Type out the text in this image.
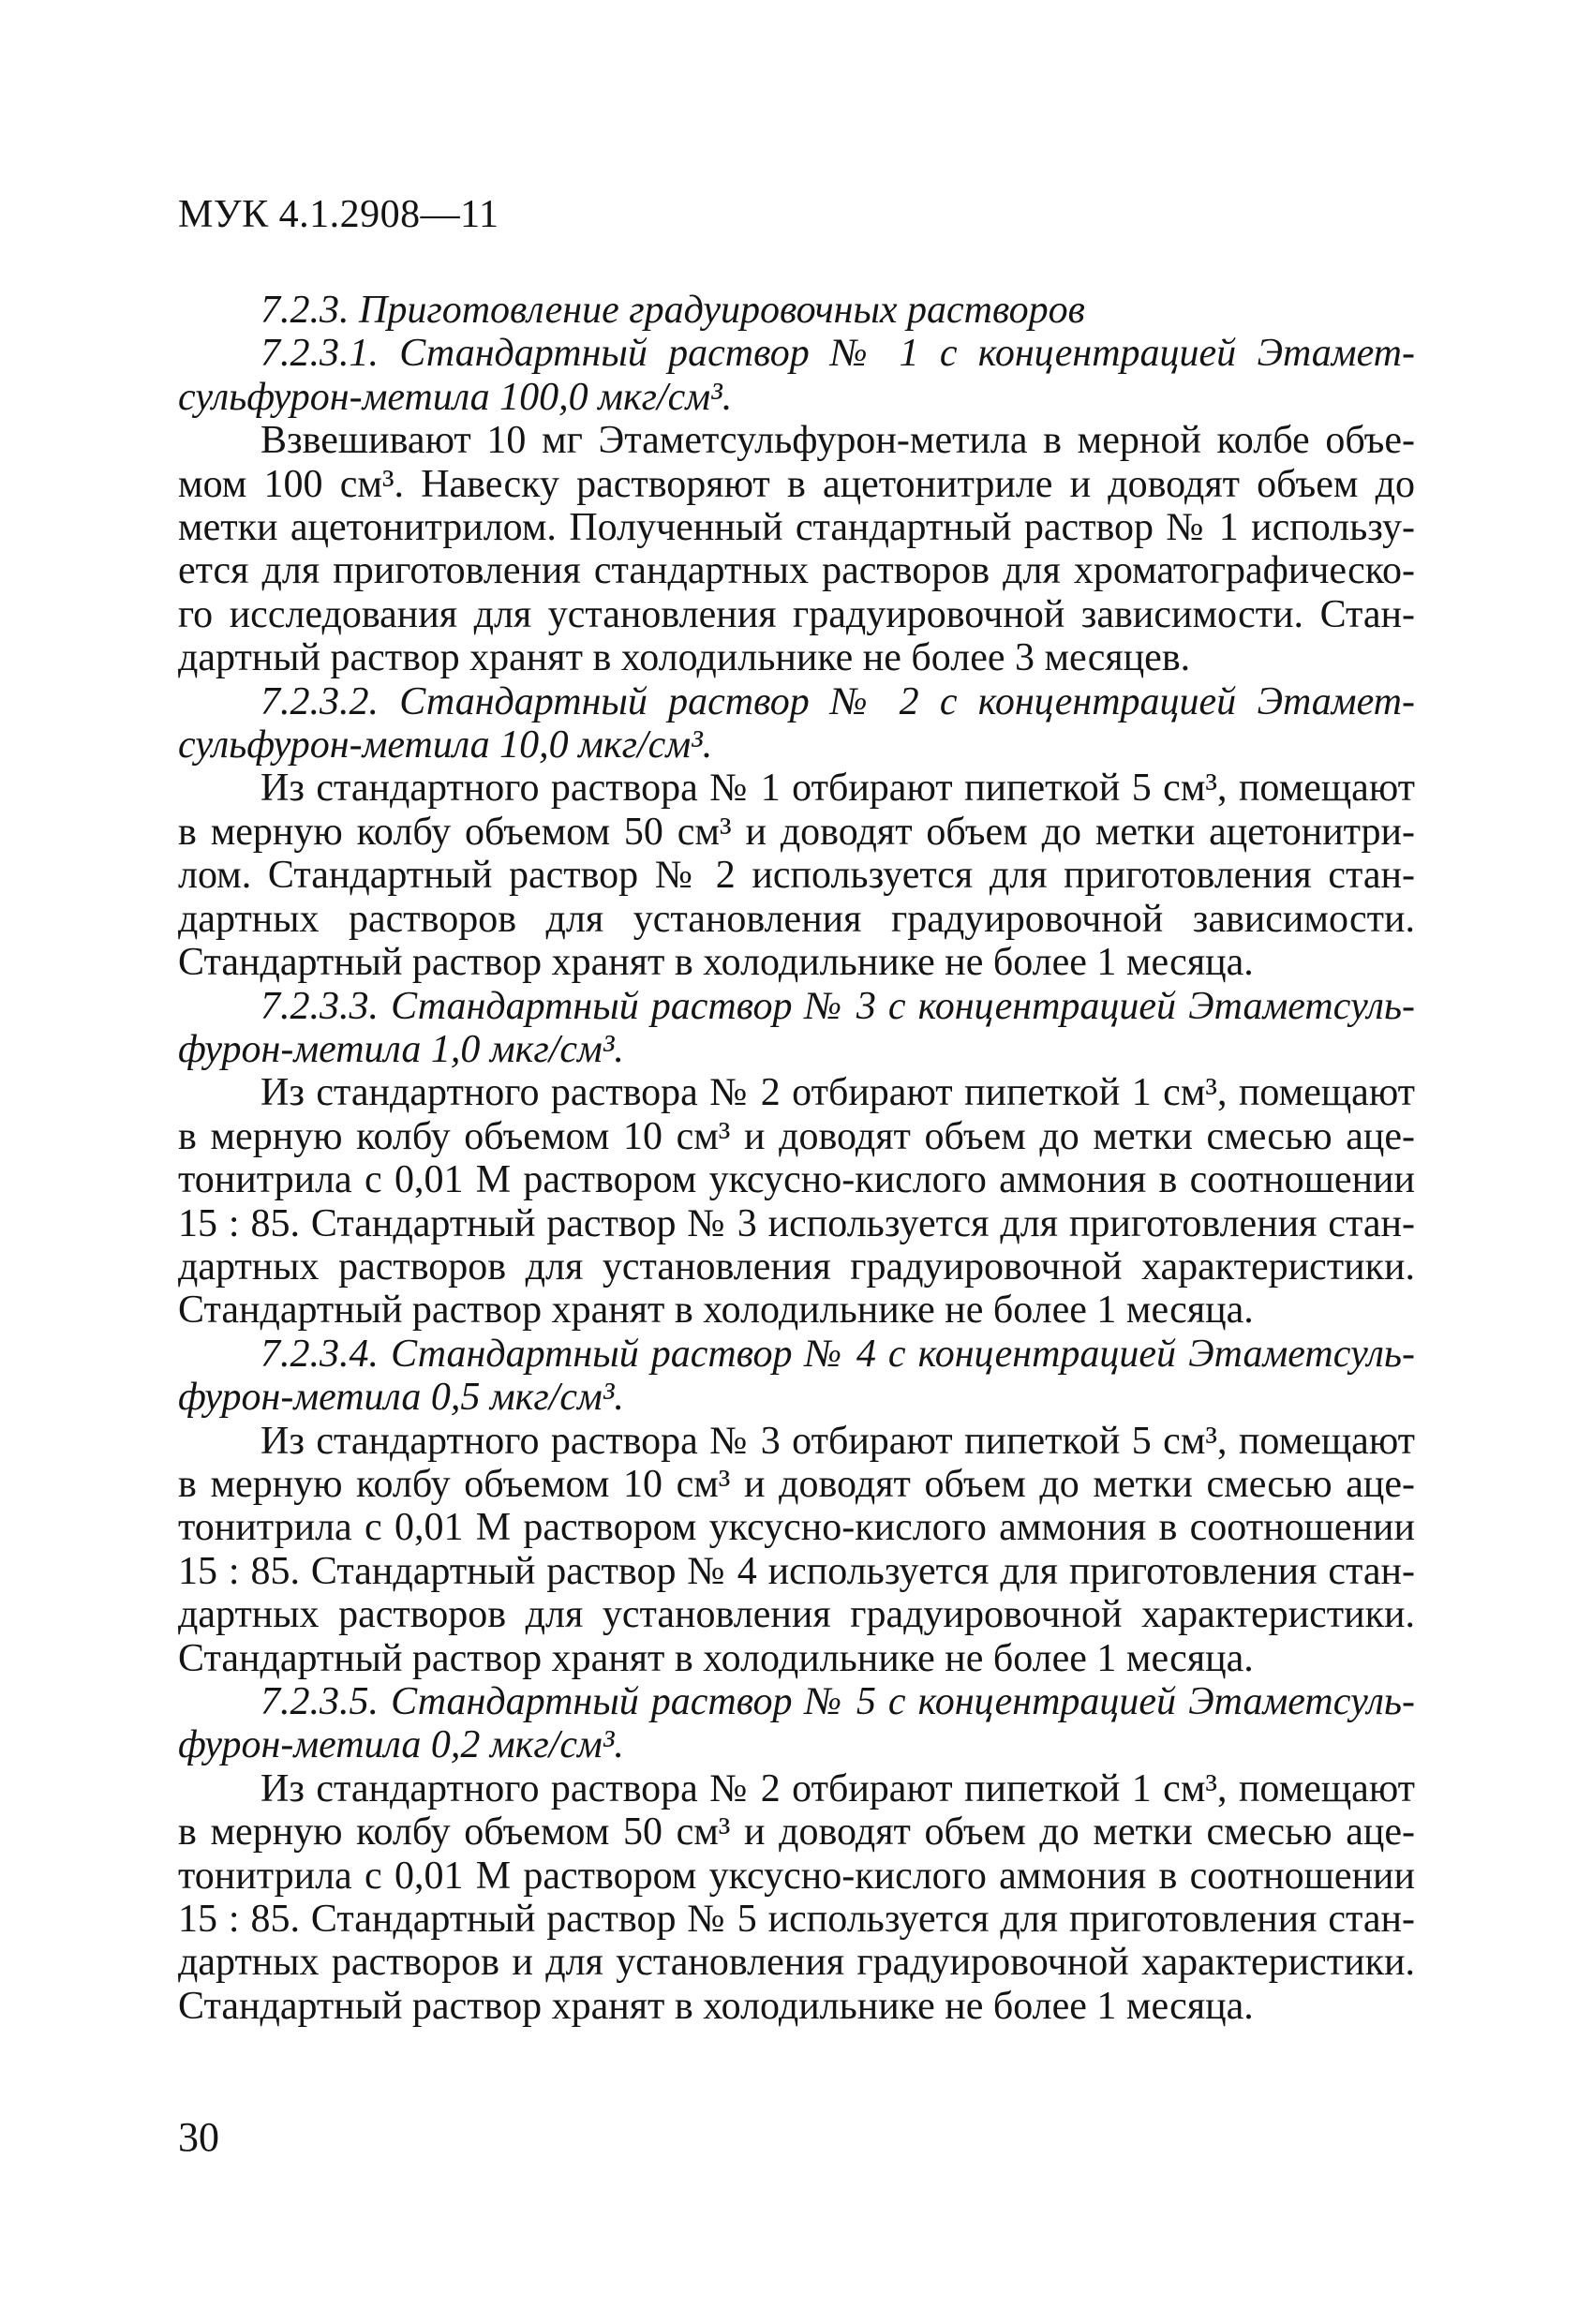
МУК 4.1.2908—11
7.2.3. Приготовление градуировочных растворов
7.2.3.1. Стандартный раствор № 1 с концентрацией Этамет-
сульфурон-метила 100,0 мкг/см³.
Взвешивают 10 мг Этаметсульфурон-метила в мерной колбе объе-
мом 100 см³. Навеску растворяют в ацетонитриле и доводят объем до
метки ацетонитрилом. Полученный стандартный раствор № 1 использу-
ется для приготовления стандартных растворов для хроматографическо-
го исследования для установления градуировочной зависимости. Стан-
дартный раствор хранят в холодильнике не более 3 месяцев.
7.2.3.2. Стандартный раствор № 2 с концентрацией Этамет-
сульфурон-метила 10,0 мкг/см³.
Из стандартного раствора № 1 отбирают пипеткой 5 см³, помещают
в мерную колбу объемом 50 см³ и доводят объем до метки ацетонитри-
лом. Стандартный раствор № 2 используется для приготовления стан-
дартных растворов для установления градуировочной зависимости.
Стандартный раствор хранят в холодильнике не более 1 месяца.
7.2.3.3. Стандартный раствор № 3 с концентрацией Этаметсуль-
фурон-метила 1,0 мкг/см³.
Из стандартного раствора № 2 отбирают пипеткой 1 см³, помещают
в мерную колбу объемом 10 см³ и доводят объем до метки смесью аце-
тонитрила с 0,01 М раствором уксусно-кислого аммония в соотношении
15 : 85. Стандартный раствор № 3 используется для приготовления стан-
дартных растворов для установления градуировочной характеристики.
Стандартный раствор хранят в холодильнике не более 1 месяца.
7.2.3.4. Стандартный раствор № 4 с концентрацией Этаметсуль-
фурон-метила 0,5 мкг/см³.
Из стандартного раствора № 3 отбирают пипеткой 5 см³, помещают
в мерную колбу объемом 10 см³ и доводят объем до метки смесью аце-
тонитрила с 0,01 М раствором уксусно-кислого аммония в соотношении
15 : 85. Стандартный раствор № 4 используется для приготовления стан-
дартных растворов для установления градуировочной характеристики.
Стандартный раствор хранят в холодильнике не более 1 месяца.
7.2.3.5. Стандартный раствор № 5 с концентрацией Этаметсуль-
фурон-метила 0,2 мкг/см³.
Из стандартного раствора № 2 отбирают пипеткой 1 см³, помещают
в мерную колбу объемом 50 см³ и доводят объем до метки смесью аце-
тонитрила с 0,01 М раствором уксусно-кислого аммония в соотношении
15 : 85. Стандартный раствор № 5 используется для приготовления стан-
дартных растворов и для установления градуировочной характеристики.
Стандартный раствор хранят в холодильнике не более 1 месяца.
30
